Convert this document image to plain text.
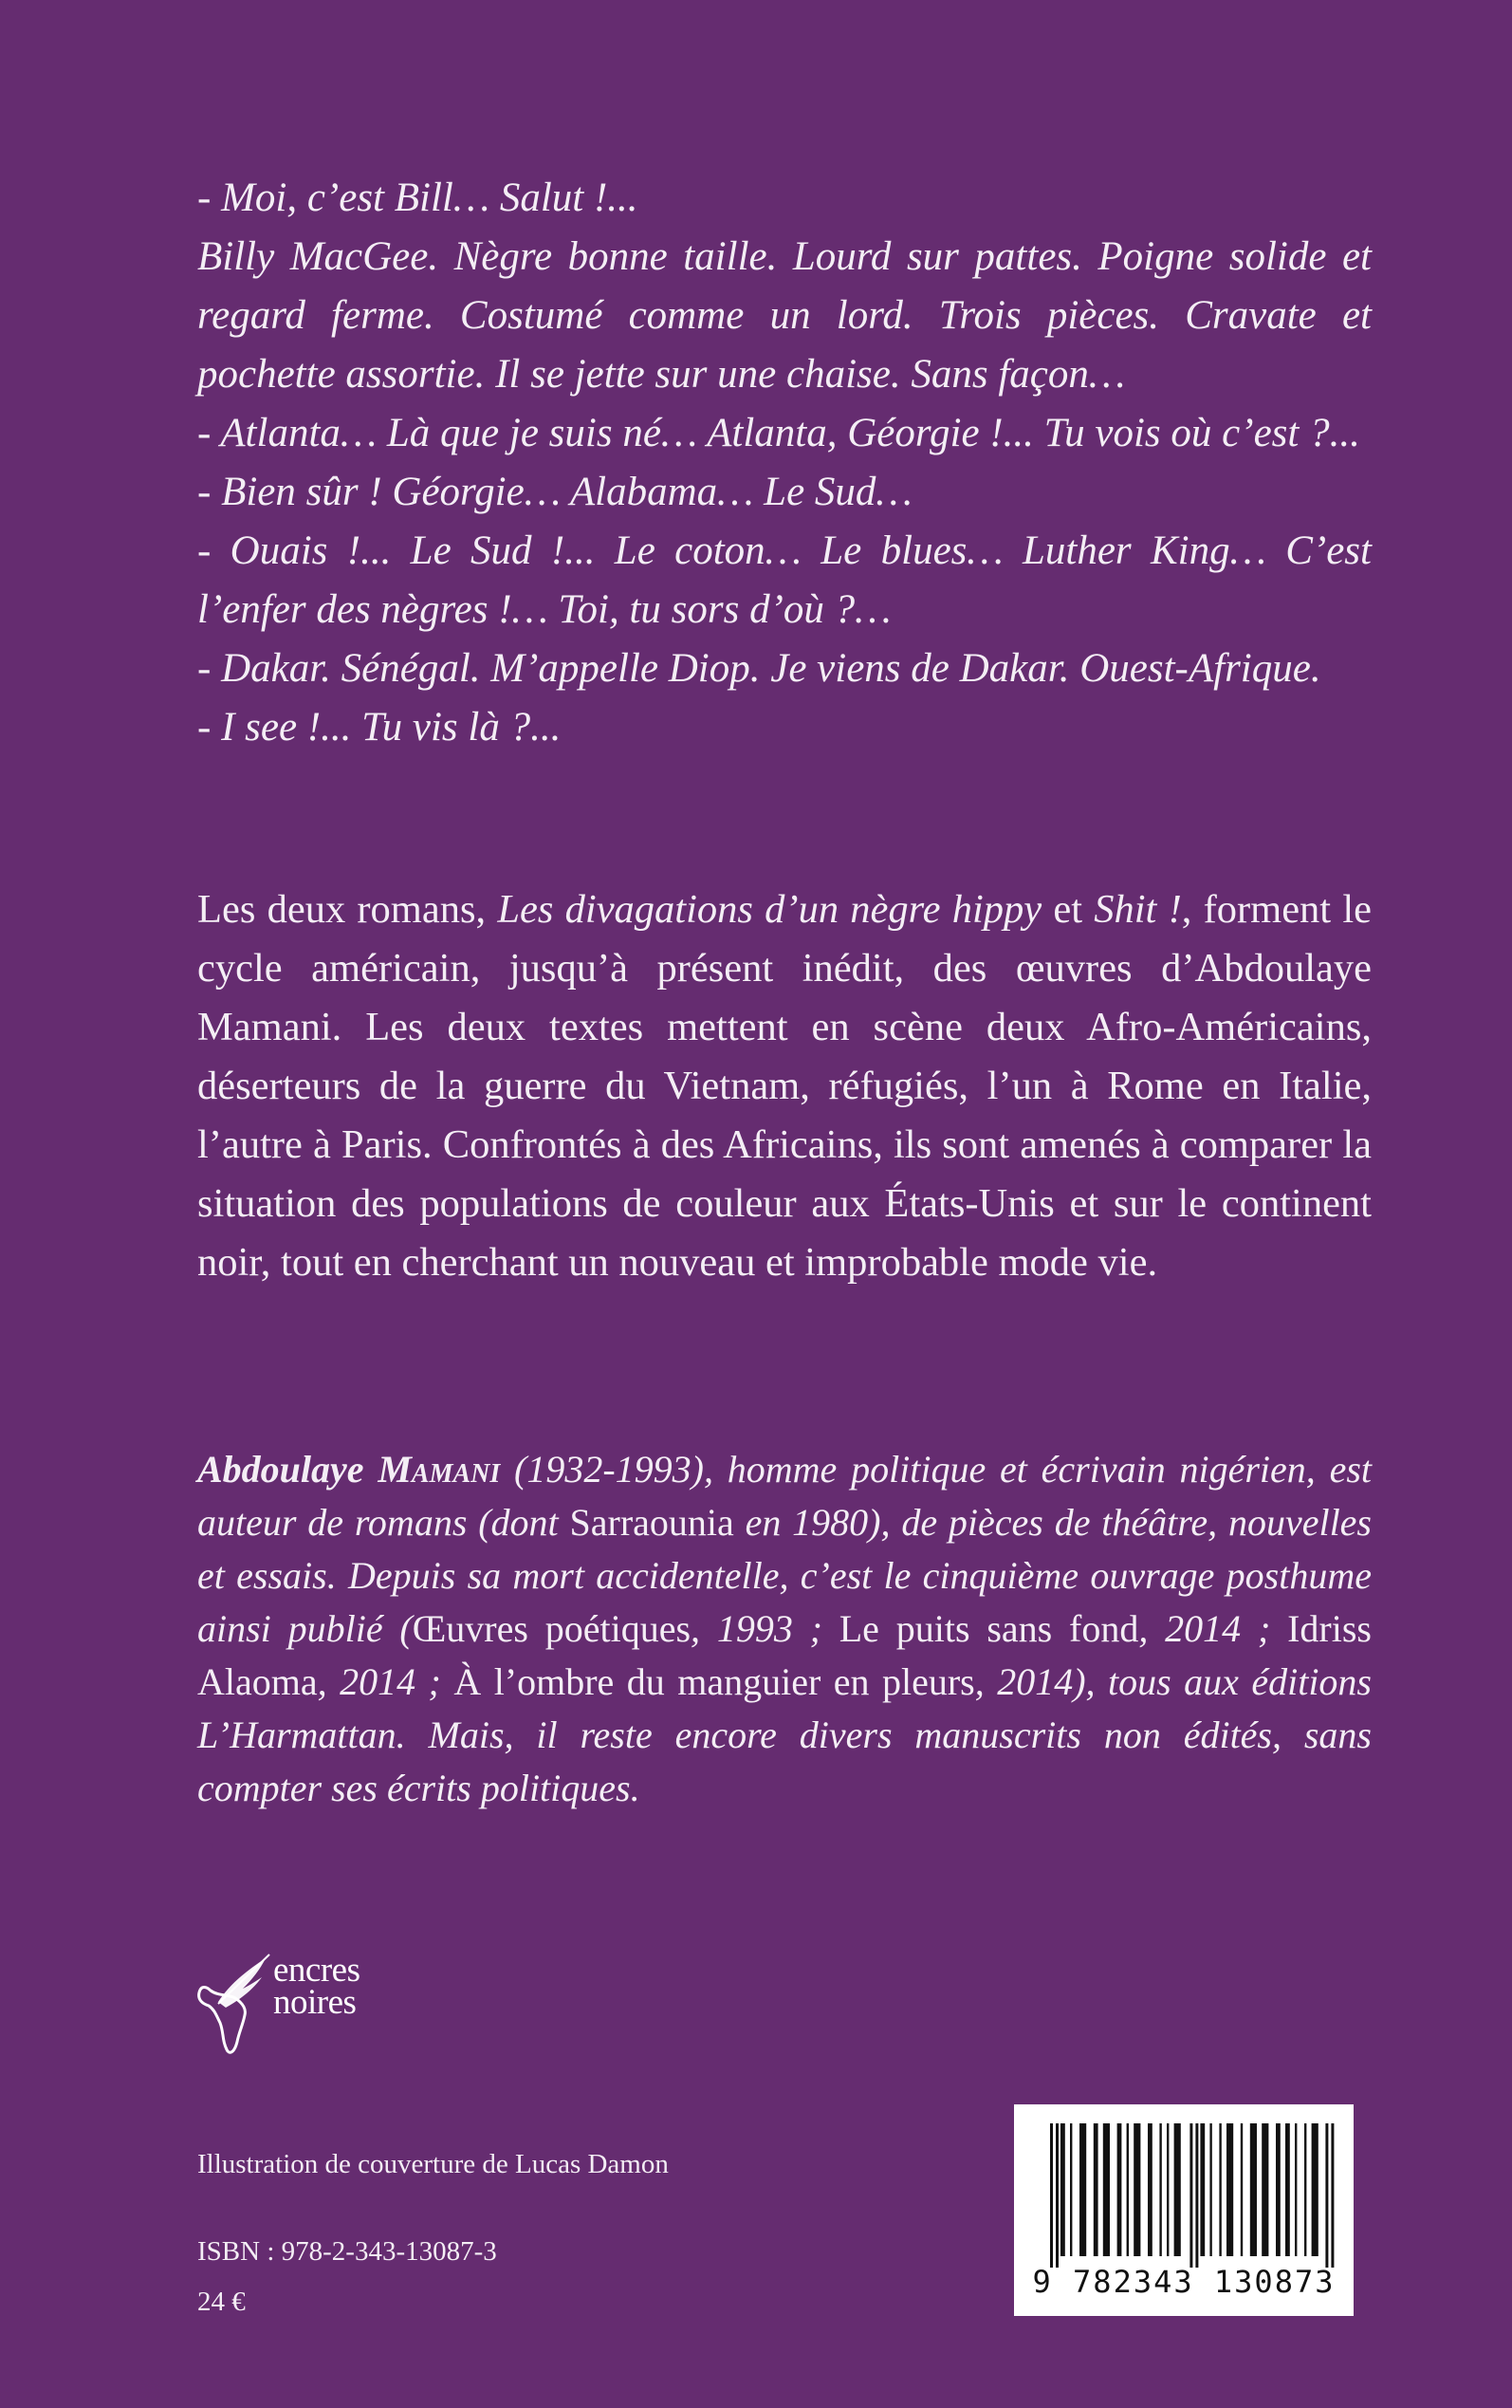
- Moi, c’est Bill… Salut !...

Billy MacGee. Nègre bonne taille. Lourd sur pattes. Poigne solide et regard ferme. Costumé comme un lord. Trois pièces. Cravate et pochette assortie. Il se jette sur une chaise. Sans façon…

- Atlanta… Là que je suis né… Atlanta, Géorgie !... Tu vois où c’est ?...

- Bien sûr ! Géorgie… Alabama… Le Sud…

- Ouais !... Le Sud !... Le coton… Le blues… Luther King… C’est l’enfer des nègres !… Toi, tu sors d’où ?…

- Dakar. Sénégal. M’appelle Diop. Je viens de Dakar. Ouest-Afrique.

- I see !... Tu vis là ?...

Les deux romans, Les divagations d’un nègre hippy et Shit !, forment le cycle américain, jusqu’à présent inédit, des œuvres d’Abdoulaye Mamani. Les deux textes mettent en scène deux Afro-Américains, déserteurs de la guerre du Vietnam, réfugiés, l’un à Rome en Italie, l’autre à Paris. Confrontés à des Africains, ils sont amenés à comparer la situation des populations de couleur aux États-Unis et sur le continent noir, tout en cherchant un nouveau et improbable mode vie.

Abdoulaye Mamani (1932-1993), homme politique et écrivain nigérien, est auteur de romans (dont Sarraounia en 1980), de pièces de théâtre, nouvelles et essais. Depuis sa mort accidentelle, c’est le cinquième ouvrage posthume ainsi publié (Œuvres poétiques, 1993 ; Le puits sans fond, 2014 ; Idriss Alaoma, 2014 ; À l’ombre du manguier en pleurs, 2014), tous aux éditions L’Harmattan. Mais, il reste encore divers manuscrits non édités, sans compter ses écrits politiques.

encres
noires
Illustration de couverture de Lucas Damon
ISBN : 978-2-343-13087-3
24 €
9 782343 130873
